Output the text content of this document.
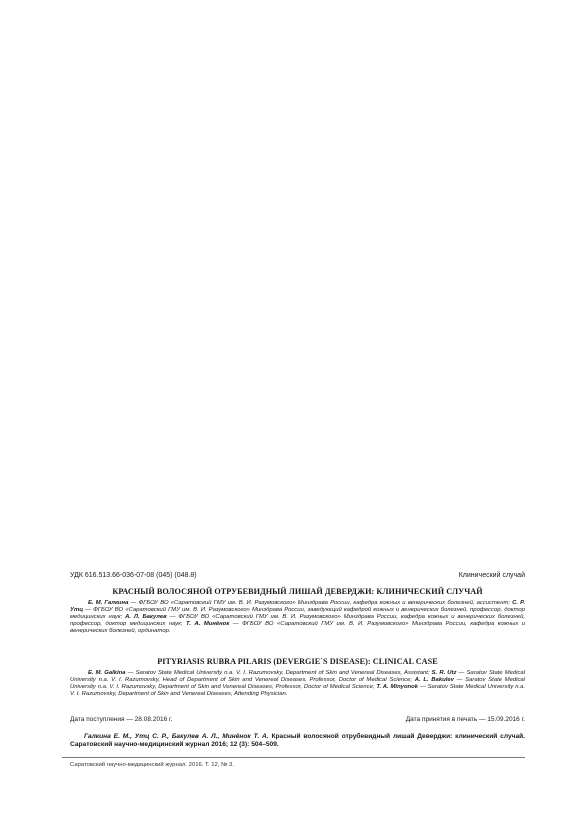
УДК 616.513.66-036-07-08 (045) (048.8)	Клинический случай
КРАСНЫЙ ВОЛОСЯНОЙ ОТРУБЕВИДНЫЙ ЛИШАЙ ДЕВЕРДЖИ: КЛИНИЧЕСКИЙ СЛУЧАЙ
Е. М. Галкина — ФГБОУ ВО «Саратовский ГМУ им. В. И. Разумовского» Минздрава России, кафедра кожных и венерических болезней, ассистент; С. Р. Утц — ФГБОУ ВО «Саратовский ГМУ им. В. И. Разумовского» Минздрава России, заведующий кафедрой кожных и венерических болезней, профессор, доктор медицинских наук; А. Л. Бакулев — ФГБОУ ВО «Саратовский ГМУ им. В. И. Разумовского» Минздрава России, кафедра кожных и венерических болезней, профессор, доктор медицинских наук; Т. А. Минёнок — ФГБОУ ВО «Саратовский ГМУ им. В. И. Разумовского» Минздрава России, кафедра кожных и венерических болезней, ординатор.
PITYRIASIS RUBRA PILARIS (DEVERGIE`S DISEASE): CLINICAL CASE
E. M. Galkina — Saratov State Medical University n.a. V. I. Razumovsky, Department of Skin and Venereal Diseases, Assistant; S. R. Utz — Saratov State Medical University n.a. V. I. Razumovsky, Head of Department of Skin and Venereal Diseases, Professor, Doctor of Medical Science; A. L. Bakulev — Saratov State Medical University n.a. V. I. Razumovsky, Department of Skin and Venereal Diseases, Professor, Doctor of Medical Science; T. A. Minyonok — Saratov State Medical University n.a. V. I. Razumovsky, Department of Skin and Venereal Diseases, Attending Physician.
Дата поступления — 28.08.2016 г.	Дата принятия в печать — 15.09.2016 г.
Галкина Е. М., Утц С. Р., Бакулев А. Л., Минёнок Т. А. Красный волосяной отрубевидный лишай Деверджи: клинический случай. Саратовский научно-медицинский журнал 2016; 12 (3): 504–509.
Саратовский научно-медицинский журнал. 2016. Т. 12, № 3.
